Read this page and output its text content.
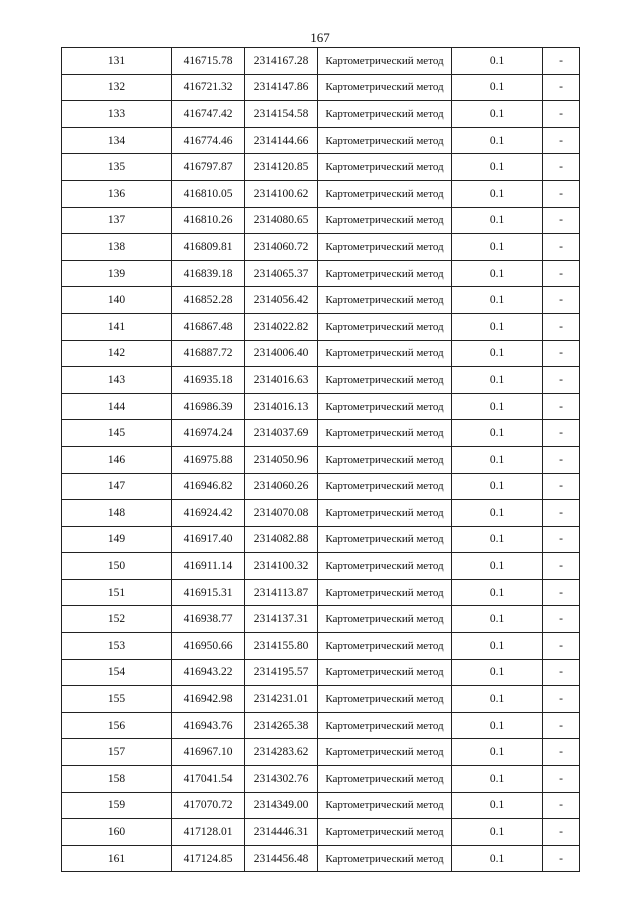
167
131	416715.78	2314167.28	Картометрический метод	0.1	-
132	416721.32	2314147.86	Картометрический метод	0.1	-
133	416747.42	2314154.58	Картометрический метод	0.1	-
134	416774.46	2314144.66	Картометрический метод	0.1	-
135	416797.87	2314120.85	Картометрический метод	0.1	-
136	416810.05	2314100.62	Картометрический метод	0.1	-
137	416810.26	2314080.65	Картометрический метод	0.1	-
138	416809.81	2314060.72	Картометрический метод	0.1	-
139	416839.18	2314065.37	Картометрический метод	0.1	-
140	416852.28	2314056.42	Картометрический метод	0.1	-
141	416867.48	2314022.82	Картометрический метод	0.1	-
142	416887.72	2314006.40	Картометрический метод	0.1	-
143	416935.18	2314016.63	Картометрический метод	0.1	-
144	416986.39	2314016.13	Картометрический метод	0.1	-
145	416974.24	2314037.69	Картометрический метод	0.1	-
146	416975.88	2314050.96	Картометрический метод	0.1	-
147	416946.82	2314060.26	Картометрический метод	0.1	-
148	416924.42	2314070.08	Картометрический метод	0.1	-
149	416917.40	2314082.88	Картометрический метод	0.1	-
150	416911.14	2314100.32	Картометрический метод	0.1	-
151	416915.31	2314113.87	Картометрический метод	0.1	-
152	416938.77	2314137.31	Картометрический метод	0.1	-
153	416950.66	2314155.80	Картометрический метод	0.1	-
154	416943.22	2314195.57	Картометрический метод	0.1	-
155	416942.98	2314231.01	Картометрический метод	0.1	-
156	416943.76	2314265.38	Картометрический метод	0.1	-
157	416967.10	2314283.62	Картометрический метод	0.1	-
158	417041.54	2314302.76	Картометрический метод	0.1	-
159	417070.72	2314349.00	Картометрический метод	0.1	-
160	417128.01	2314446.31	Картометрический метод	0.1	-
161	417124.85	2314456.48	Картометрический метод	0.1	-
